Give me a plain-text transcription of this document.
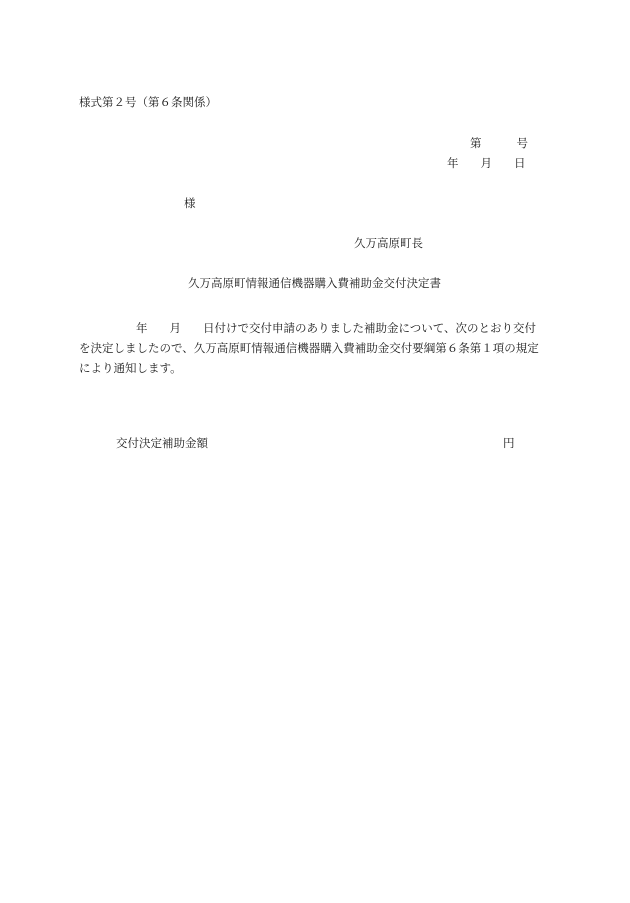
様式第２号（第６条関係）
第	号
年 月 日
様
久万高原町長
久万高原町情報通信機器購入費補助金交付決定書
年 月 日付けで交付申請のありました補助金について、次のとおり交付
を決定しましたので、久万高原町情報通信機器購入費補助金交付要綱第６条第１項の規定
により通知します。
交付決定補助金額	円
